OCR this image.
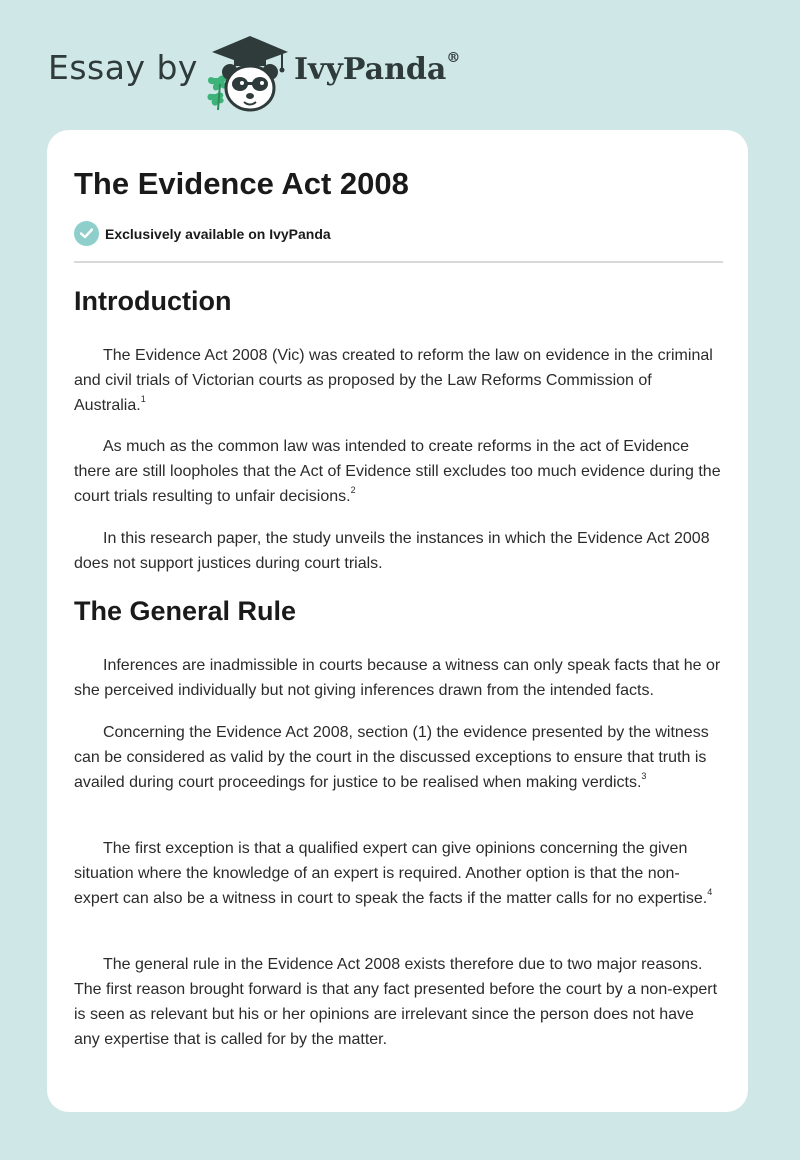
Essay by	IvyPanda®
The Evidence Act 2008
Exclusively available on IvyPanda
Introduction

The Evidence Act 2008 (Vic) was created to reform the law on evidence in the criminal and civil trials of Victorian courts as proposed by the Law Reforms Commission of Australia.$^1$

As much as the common law was intended to create reforms in the act of Evidence there are still loopholes that the Act of Evidence still excludes too much evidence during the court trials resulting to unfair decisions.$^2$

In this research paper, the study unveils the instances in which the Evidence Act 2008 does not support justices during court trials.

The General Rule

Inferences are inadmissible in courts because a witness can only speak facts that he or she perceived individually but not giving inferences drawn from the intended facts.

Concerning the Evidence Act 2008, section (1) the evidence presented by the witness can be considered as valid by the court in the discussed exceptions to ensure that truth is availed during court proceedings for justice to be realised when making verdicts.$^3$

The first exception is that a qualified expert can give opinions concerning the given situation where the knowledge of an expert is required. Another option is that the non-expert can also be a witness in court to speak the facts if the matter calls for no expertise.$^4$

The general rule in the Evidence Act 2008 exists therefore due to two major reasons. The first reason brought forward is that any fact presented before the court by a non-expert is seen as relevant but his or her opinions are irrelevant since the person does not have any expertise that is called for by the matter.
